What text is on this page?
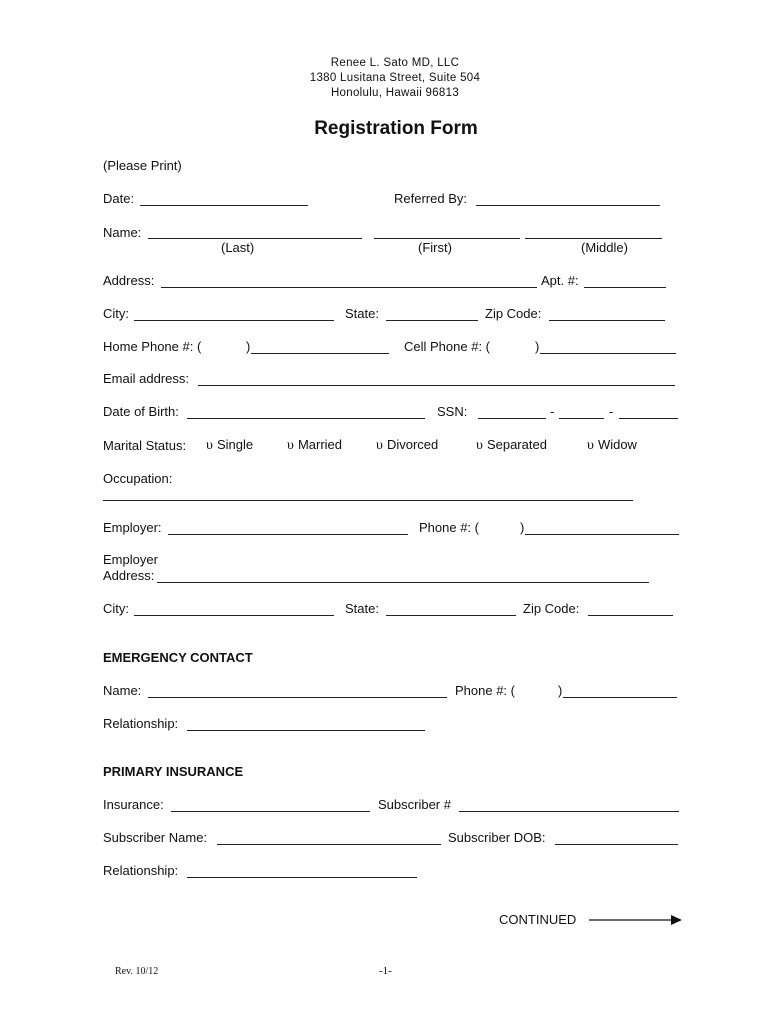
Renee L. Sato MD, LLC
1380 Lusitana Street, Suite 504
Honolulu, Hawaii 96813
Registration Form
(Please Print)
Date:	Referred By:
Name:
(Last)	(First)	(Middle)
Address:	Apt. #:
City:	State:	Zip Code:
Home Phone #: (	)	Cell Phone #: (	)
Email address:
Date of Birth:	SSN:	-	-
Marital Status: υ Single υ Married υ Divorced	υ Separated	υ Widow
Occupation:
Employer:	Phone #: (	)
Employer
Address:
City:	State:	Zip Code:
EMERGENCY CONTACT
Name:	Phone #: (	)
Relationship:
PRIMARY INSURANCE
Insurance:	Subscriber #
Subscriber Name:	Subscriber DOB:
Relationship:
CONTINUED
Rev. 10/12	-1-
